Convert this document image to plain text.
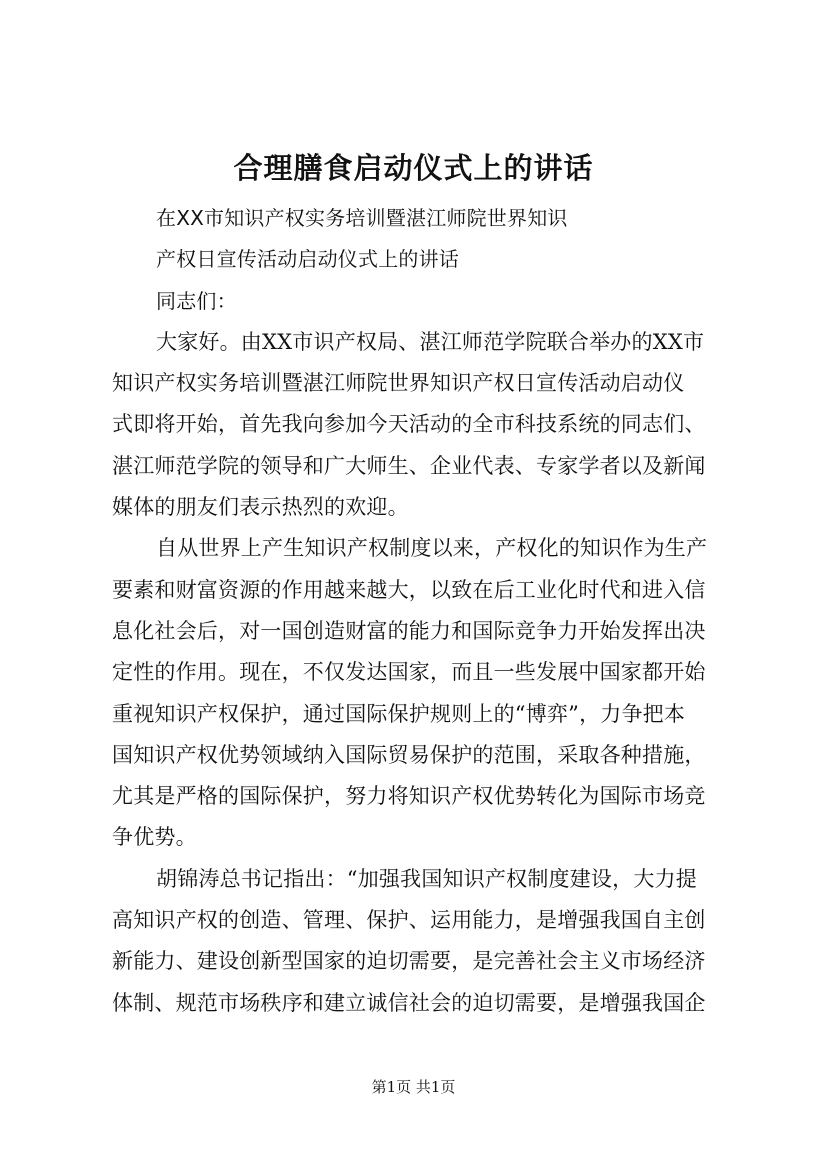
合理膳食启动仪式上的讲话
在XX市知识产权实务培训暨湛江师院世界知识
产权日宣传活动启动仪式上的讲话
同志们：
大家好。由XX市识产权局、湛江师范学院联合举办的XX市
知识产权实务培训暨湛江师院世界知识产权日宣传活动启动仪
式即将开始，首先我向参加今天活动的全市科技系统的同志们、
湛江师范学院的领导和广大师生、企业代表、专家学者以及新闻
媒体的朋友们表示热烈的欢迎。
自从世界上产生知识产权制度以来，产权化的知识作为生产
要素和财富资源的作用越来越大，以致在后工业化时代和进入信
息化社会后，对一国创造财富的能力和国际竞争力开始发挥出决
定性的作用。现在，不仅发达国家，而且一些发展中国家都开始
重视知识产权保护，通过国际保护规则上的“博弈”，力争把本
国知识产权优势领域纳入国际贸易保护的范围，采取各种措施，
尤其是严格的国际保护，努力将知识产权优势转化为国际市场竞
争优势。
胡锦涛总书记指出：“加强我国知识产权制度建设，大力提
高知识产权的创造、管理、保护、运用能力，是增强我国自主创
新能力、建设创新型国家的迫切需要，是完善社会主义市场经济
体制、规范市场秩序和建立诚信社会的迫切需要，是增强我国企
第1页 共1页
